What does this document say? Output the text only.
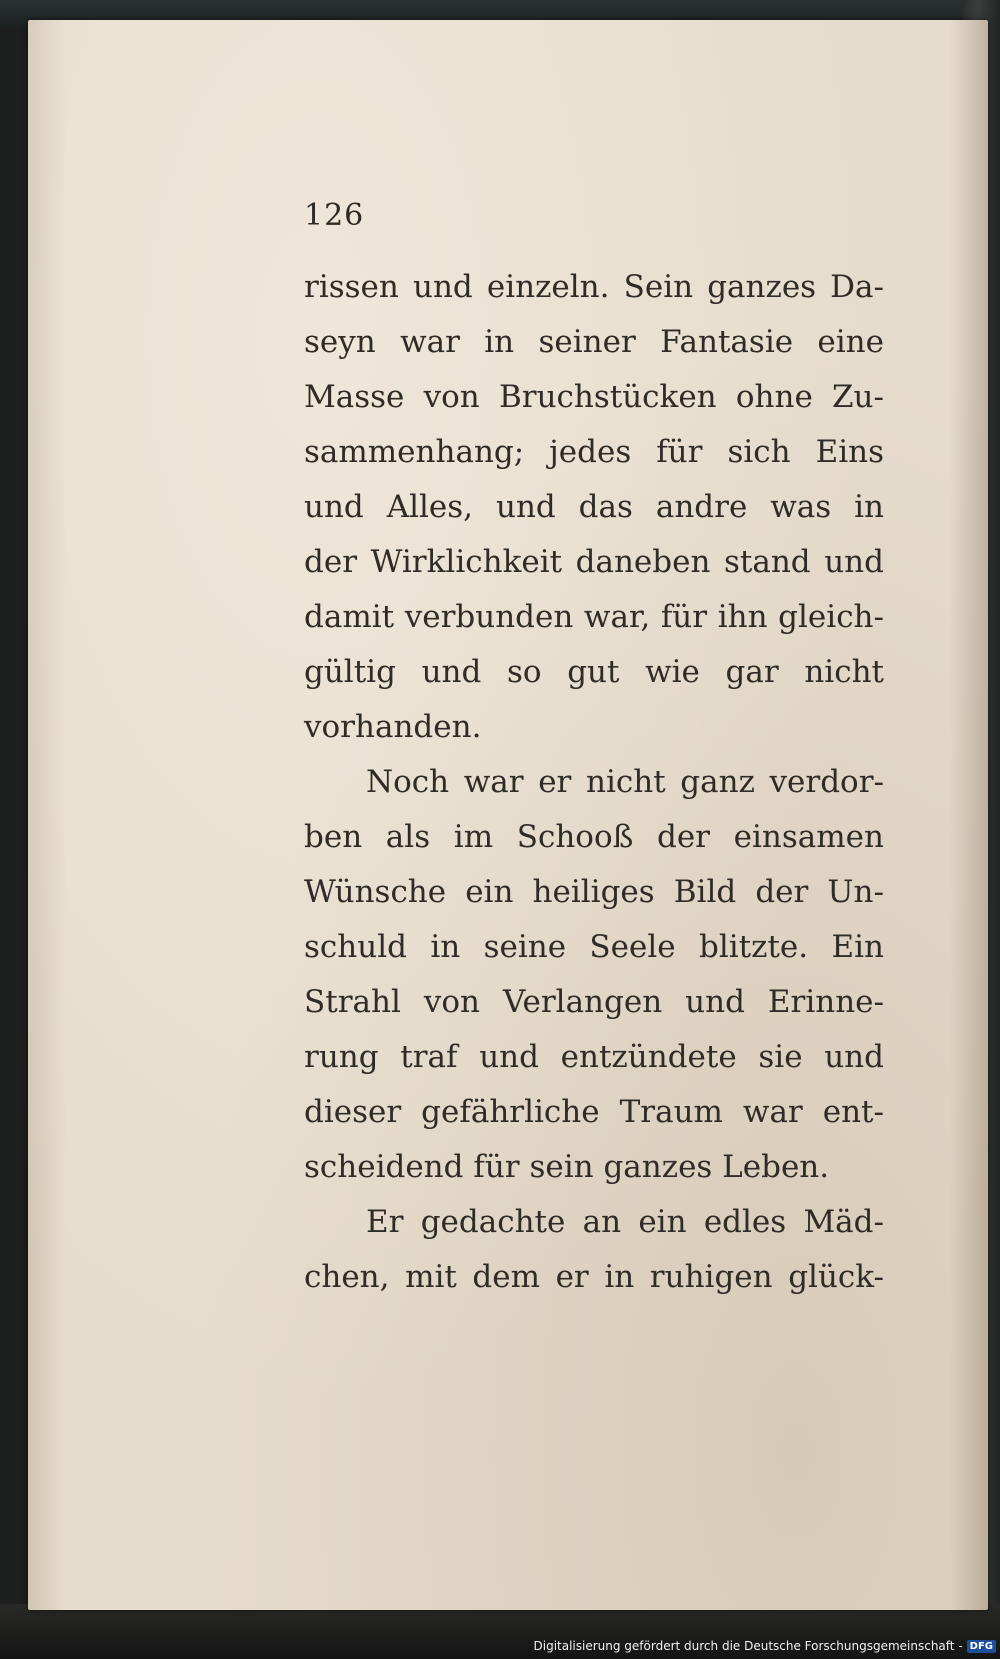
126
rissen und einzeln. Sein ganzes Da-
seyn war in seiner Fantasie eine
Masse von Bruchstücken ohne Zu-
sammenhang; jedes für sich Eins
und Alles, und das andre was in
der Wirklichkeit daneben stand und
damit verbunden war, für ihn gleich-
gültig und so gut wie gar nicht
vorhanden.
Noch war er nicht ganz verdor-
ben als im Schooß der einsamen
Wünsche ein heiliges Bild der Un-
schuld in seine Seele blitzte. Ein
Strahl von Verlangen und Erinne-
rung traf und entzündete sie und
dieser gefährliche Traum war ent-
scheidend für sein ganzes Leben.
Er gedachte an ein edles Mäd-
chen, mit dem er in ruhigen glück-
Digitalisierung gefördert durch die Deutsche Forschungsgemeinschaft - DFG
